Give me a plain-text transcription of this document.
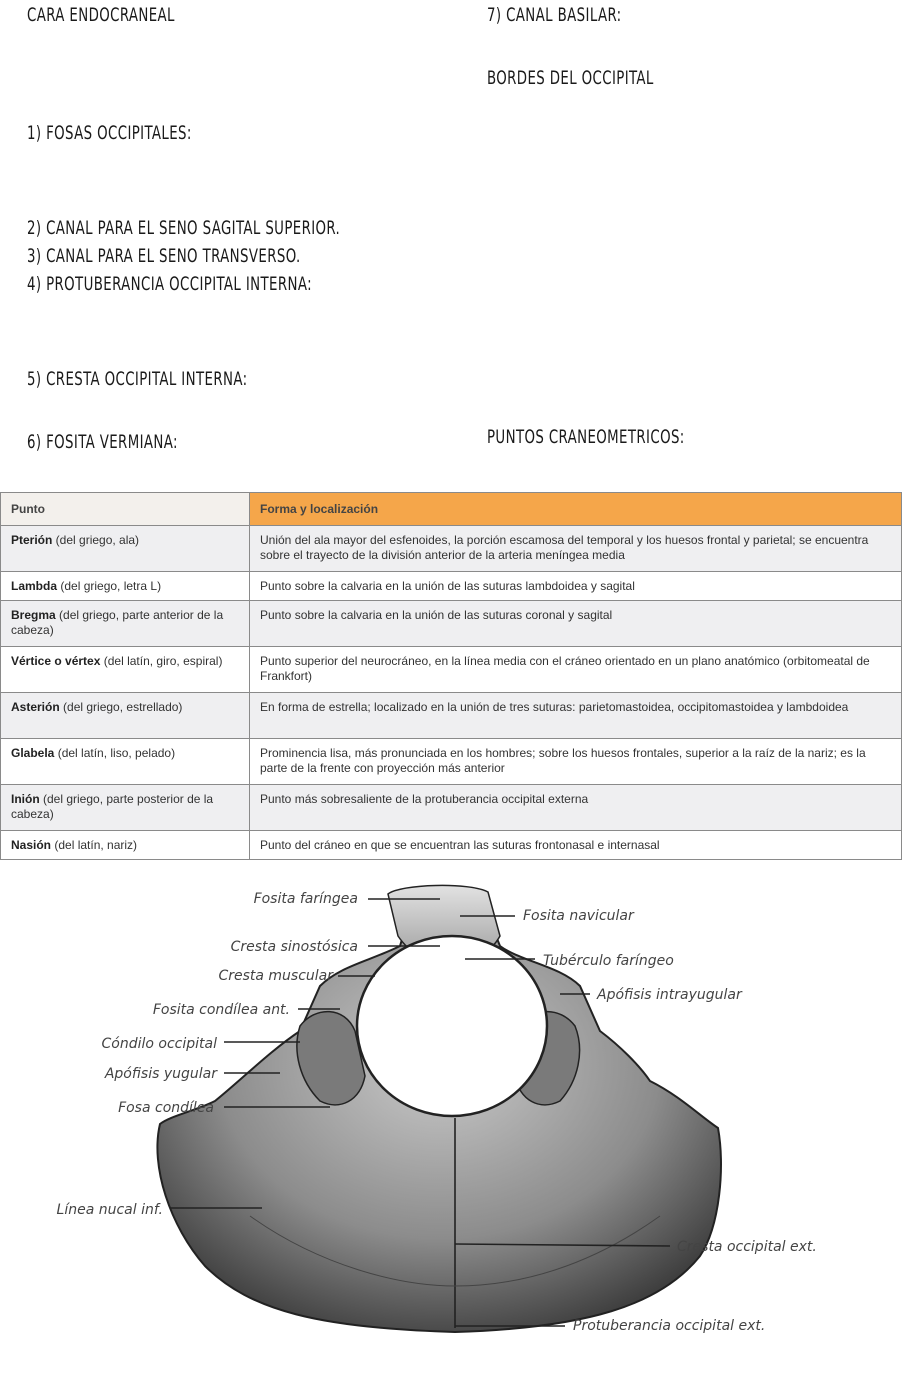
CARA ENDOCRANEAL
1) FOSAS OCCIPITALES:
2) CANAL PARA EL SENO SAGITAL SUPERIOR.
3) CANAL PARA EL SENO TRANSVERSO.
4) PROTUBERANCIA OCCIPITAL INTERNA:
5) CRESTA OCCIPITAL INTERNA:
6) FOSITA VERMIANA:
7) CANAL BASILAR:
BORDES DEL OCCIPITAL
PUNTOS CRANEOMETRICOS:
Punto	Forma y localización
Pterión (del griego, ala)	Unión del ala mayor del esfenoides, la porción escamosa del temporal y los huesos frontal y parietal; se encuentra sobre el trayecto de la división anterior de la arteria meníngea media
Lambda (del griego, letra L)	Punto sobre la calvaria en la unión de las suturas lambdoidea y sagital
Bregma (del griego, parte anterior de la cabeza)	Punto sobre la calvaria en la unión de las suturas coronal y sagital
Vértice o vértex (del latín, giro, espiral)	Punto superior del neurocráneo, en la línea media con el cráneo orientado en un plano anatómico (orbitomeatal de Frankfort)
Asterión (del griego, estrellado)	En forma de estrella; localizado en la unión de tres suturas: parietomastoidea, occipitomastoidea y lambdoidea
Glabela (del latín, liso, pelado)	Prominencia lisa, más pronunciada en los hombres; sobre los huesos frontales, superior a la raíz de la nariz; es la parte de la frente con proyección más anterior
Inión (del griego, parte posterior de la cabeza)	Punto más sobresaliente de la protuberancia occipital externa
Nasión (del latín, nariz)	Punto del cráneo en que se encuentran las suturas frontonasal e internasal
Fosita faríngea
Cresta sinostósica
Cresta muscular
Fosita condílea ant.
Cóndilo occipital
Apófisis yugular
Fosa condílea
Línea nucal inf.
Fosita navicular
Tubérculo faríngeo
Apófisis intrayugular
Cresta occipital ext.
Protuberancia occipital ext.
